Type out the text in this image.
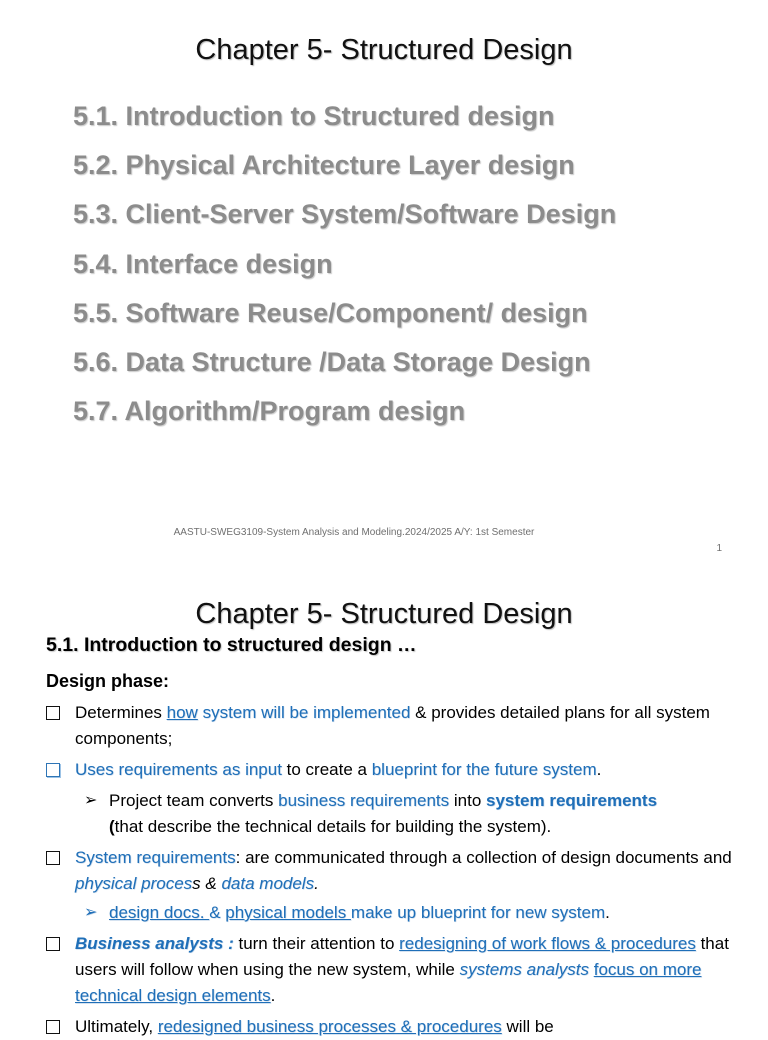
Chapter 5- Structured Design
5.1. Introduction to Structured design
5.2. Physical Architecture Layer design
5.3. Client-Server System/Software Design
5.4. Interface design
5.5. Software Reuse/Component/ design
5.6. Data Structure /Data Storage Design
5.7. Algorithm/Program design
AASTU-SWEG3109-System Analysis and Modeling.2024/2025 A/Y: 1st Semester
1
Chapter 5- Structured Design
5.1. Introduction to structured design …
Design phase:
Determines how system will be implemented & provides detailed plans for all system components;
Uses requirements as input to create a blueprint for the future system.
➢ Project team converts business requirements into system requirements
(that describe the technical details for building the system).
System requirements: are communicated through a collection of design documents and physical process & data models.
➢ design docs. & physical models make up blueprint for new system.
Business analysts : turn their attention to redesigning of work flows & procedures that users will follow when using the new system, while systems analysts focus on more technical design elements.
Ultimately, redesigned business processes & procedures will be
